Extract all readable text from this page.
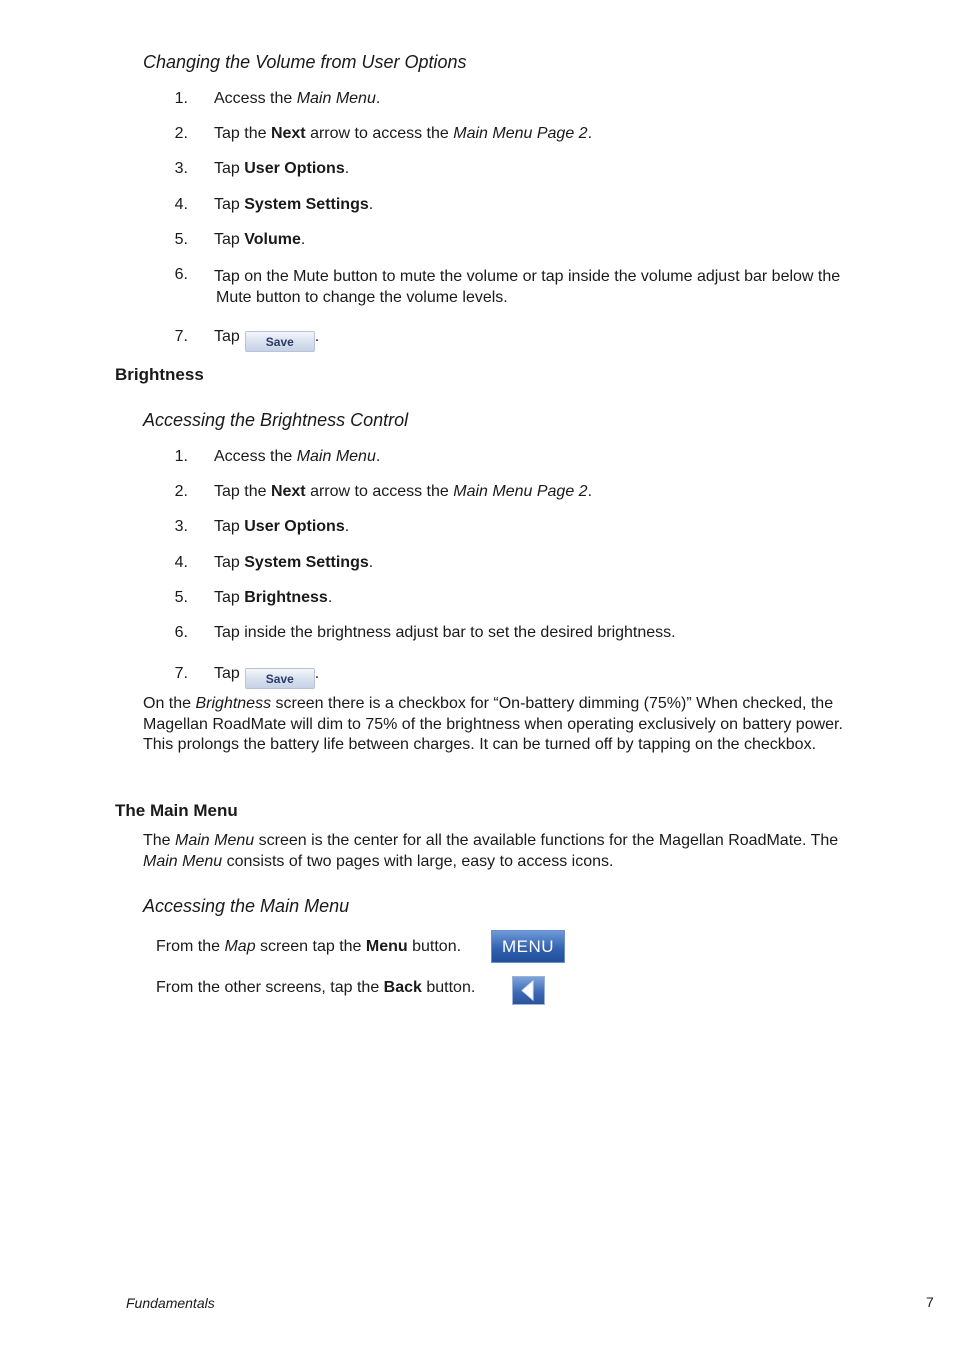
Changing the Volume from User Options
1. Access the Main Menu.
2. Tap the Next arrow to access the Main Menu Page 2.
3. Tap User Options.
4. Tap System Settings.
5. Tap Volume.
6. Tap on the Mute button to mute the volume or tap inside the volume adjust bar below the
Mute button to change the volume levels.
7. Tap Save .
Brightness
Accessing the Brightness Control
1. Access the Main Menu.
2. Tap the Next arrow to access the Main Menu Page 2.
3. Tap User Options.
4. Tap System Settings.
5. Tap Brightness.
6. Tap inside the brightness adjust bar to set the desired brightness.
7. Tap Save .
On the Brightness screen there is a checkbox for “On-battery dimming (75%)” When checked, the
Magellan RoadMate will dim to 75% of the brightness when operating exclusively on battery power.
This prolongs the battery life between charges. It can be turned off by tapping on the checkbox.
The Main Menu
The Main Menu screen is the center for all the available functions for the Magellan RoadMate. The
Main Menu consists of two pages with large, easy to access icons.
Accessing the Main Menu
From the Map screen tap the Menu button.	MENU
From the other screens, tap the Back button.
Fundamentals	7
